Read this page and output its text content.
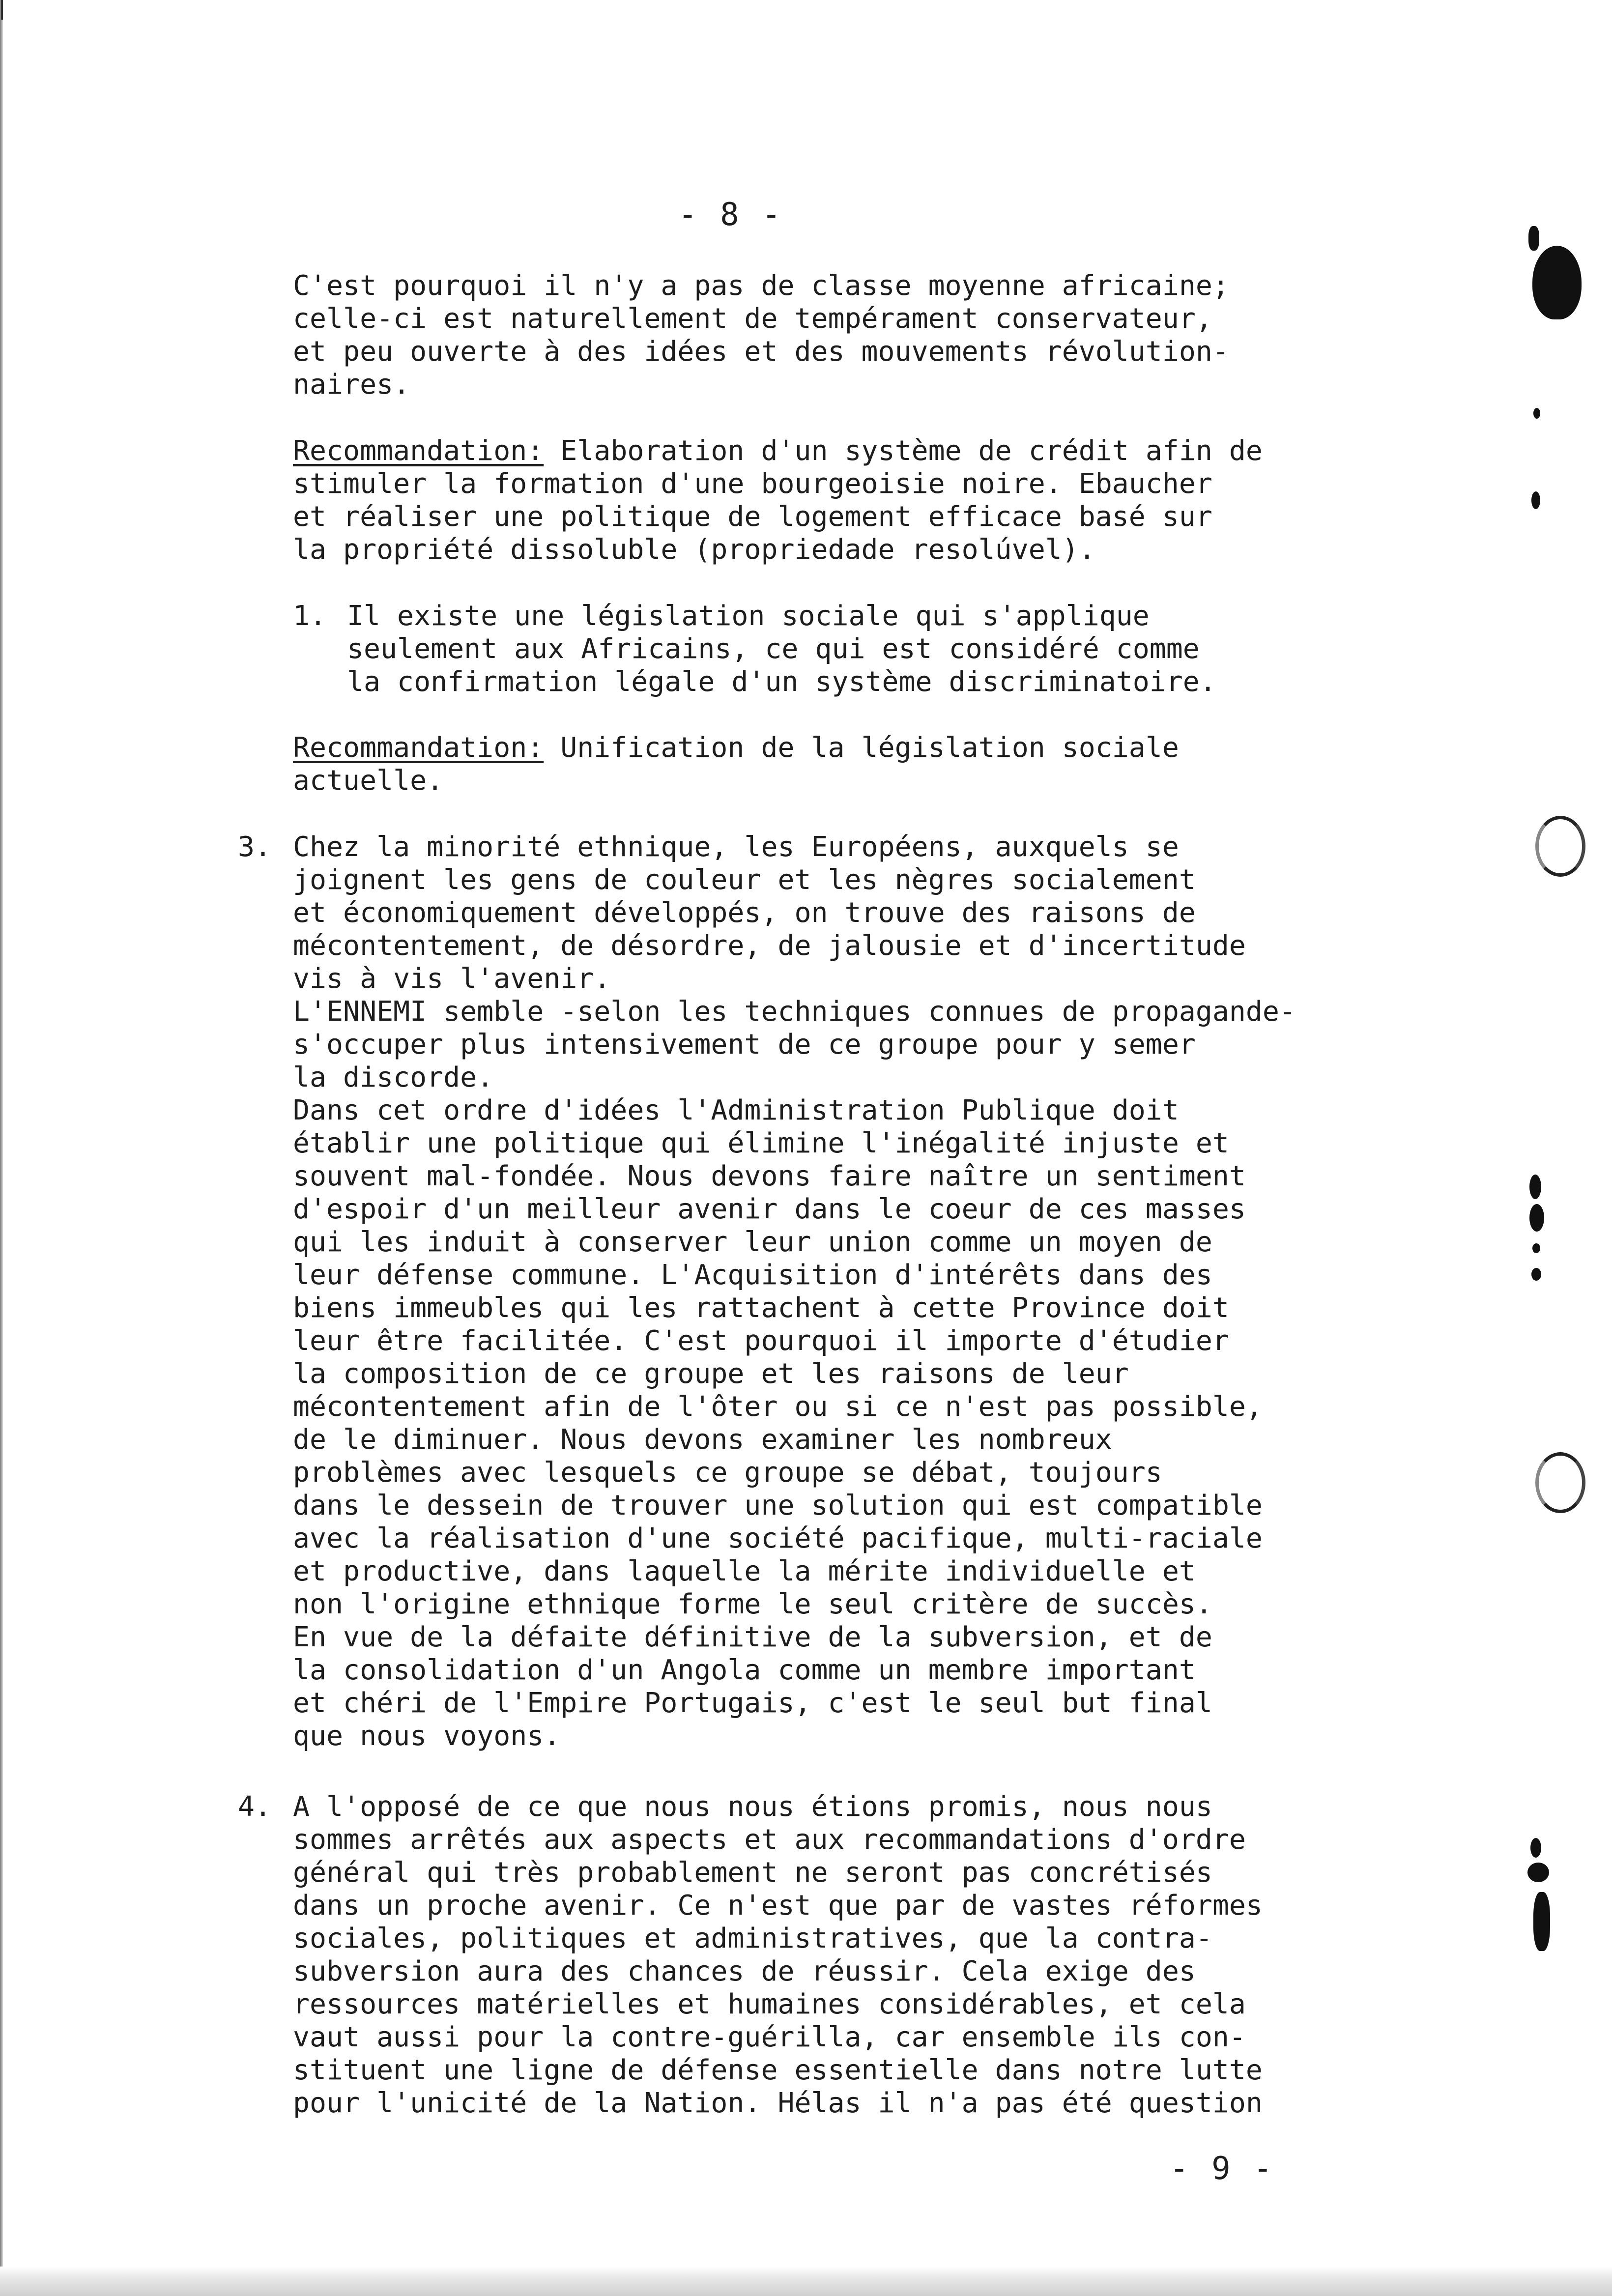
- 8 -
C'est pourquoi il n'y a pas de classe moyenne africaine;
celle-ci est naturellement de tempérament conservateur,
et peu ouverte à des idées et des mouvements révolution-
naires.
Recommandation: Elaboration d'un système de crédit afin de
stimuler la formation d'une bourgeoisie noire. Ebaucher
et réaliser une politique de logement efficace basé sur
la propriété dissoluble (propriedade resolúvel).
1. Il existe une législation sociale qui s'applique
seulement aux Africains, ce qui est considéré comme
la confirmation légale d'un système discriminatoire.
Recommandation: Unification de la législation sociale
actuelle.
3. Chez la minorité ethnique, les Européens, auxquels se
joignent les gens de couleur et les nègres socialement
et économiquement développés, on trouve des raisons de
mécontentement, de désordre, de jalousie et d'incertitude
vis à vis l'avenir.
L'ENNEMI semble -selon les techniques connues de propagande-
s'occuper plus intensivement de ce groupe pour y semer
la discorde.
Dans cet ordre d'idées l'Administration Publique doit
établir une politique qui élimine l'inégalité injuste et
souvent mal-fondée. Nous devons faire naître un sentiment
d'espoir d'un meilleur avenir dans le coeur de ces masses
qui les induit à conserver leur union comme un moyen de
leur défense commune. L'Acquisition d'intérêts dans des
biens immeubles qui les rattachent à cette Province doit
leur être facilitée. C'est pourquoi il importe d'étudier
la composition de ce groupe et les raisons de leur
mécontentement afin de l'ôter ou si ce n'est pas possible,
de le diminuer. Nous devons examiner les nombreux
problèmes avec lesquels ce groupe se débat, toujours
dans le dessein de trouver une solution qui est compatible
avec la réalisation d'une société pacifique, multi-raciale
et productive, dans laquelle la mérite individuelle et
non l'origine ethnique forme le seul critère de succès.
En vue de la défaite définitive de la subversion, et de
la consolidation d'un Angola comme un membre important
et chéri de l'Empire Portugais, c'est le seul but final
que nous voyons.
4. A l'opposé de ce que nous nous étions promis, nous nous
sommes arrêtés aux aspects et aux recommandations d'ordre
général qui très probablement ne seront pas concrétisés
dans un proche avenir. Ce n'est que par de vastes réformes
sociales, politiques et administratives, que la contra-
subversion aura des chances de réussir. Cela exige des
ressources matérielles et humaines considérables, et cela
vaut aussi pour la contre-guérilla, car ensemble ils con-
stituent une ligne de défense essentielle dans notre lutte
pour l'unicité de la Nation. Hélas il n'a pas été question
- 9 -
